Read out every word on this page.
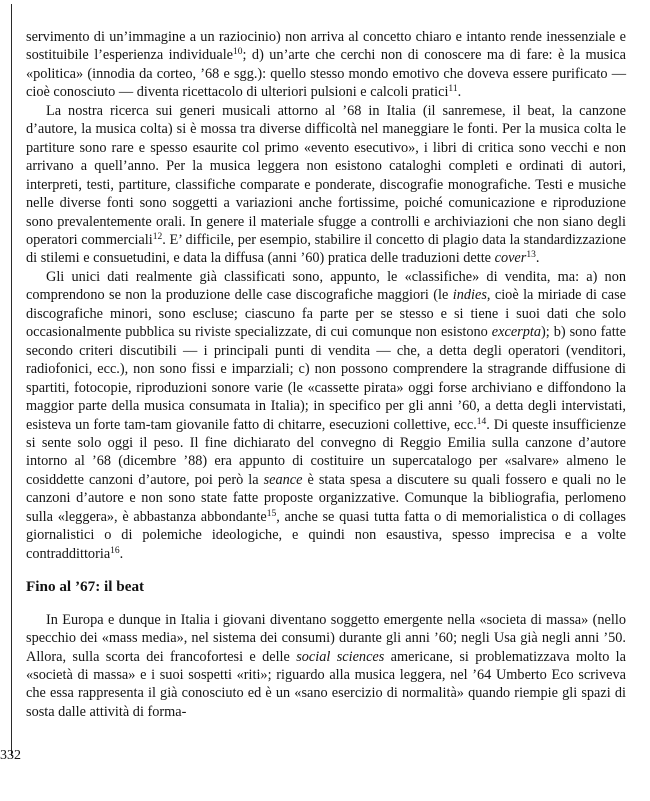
servimento di un’immagine a un raziocinio) non arriva al concetto chiaro e intanto rende inessenziale e sostituibile l’esperienza individuale$^{10}$; d) un’arte che cerchi non di conoscere ma di fare: è la musica «politica» (innodia da corteo, ’68 e sgg.): quello stesso mondo emotivo che doveva essere purificato — cioè conosciuto — diventa ricettacolo di ulteriori pulsioni e calcoli pratici$^{11}$.

La nostra ricerca sui generi musicali attorno al ’68 in Italia (il sanremese, il beat, la canzone d’autore, la musica colta) si è mossa tra diverse difficoltà nel maneggiare le fonti. Per la musica colta le partiture sono rare e spesso esaurite col primo «evento esecutivo», i libri di critica sono vecchi e non arrivano a quell’anno. Per la musica leggera non esistono cataloghi completi e ordinati di autori, interpreti, testi, partiture, classifiche comparate e ponderate, discografie monografiche. Testi e musiche nelle diverse fonti sono soggetti a variazioni anche fortissime, poiché comunicazione e riproduzione sono prevalentemente orali. In genere il materiale sfugge a controlli e archiviazioni che non siano degli operatori commerciali$^{12}$. E’ difficile, per esempio, stabilire il concetto di plagio data la standardizzazione di stilemi e consuetudini, e data la diffusa (anni ’60) pratica delle traduzioni dette cover$^{13}$.

Gli unici dati realmente già classificati sono, appunto, le «classifiche» di vendita, ma: a) non comprendono se non la produzione delle case discografiche maggiori (le indies, cioè la miriade di case discografiche minori, sono escluse; ciascuno fa parte per se stesso e si tiene i suoi dati che solo occasionalmente pubblica su riviste specializzate, di cui comunque non esistono excerpta); b) sono fatte secondo criteri discutibili — i principali punti di vendita — che, a detta degli operatori (venditori, radiofonici, ecc.), non sono fissi e imparziali; c) non possono comprendere la stragrande diffusione di spartiti, fotocopie, riproduzioni sonore varie (le «cassette pirata» oggi forse archiviano e diffondono la maggior parte della musica consumata in Italia); in specifico per gli anni ’60, a detta degli intervistati, esisteva un forte tam-tam giovanile fatto di chitarre, esecuzioni collettive, ecc.$^{14}$. Di queste insufficienze si sente solo oggi il peso. Il fine dichiarato del convegno di Reggio Emilia sulla canzone d’autore intorno al ’68 (dicembre ’88) era appunto di costituire un supercatalogo per «salvare» almeno le cosiddette canzoni d’autore, poi però la seance è stata spesa a discutere su quali fossero e quali no le canzoni d’autore e non sono state fatte proposte organizzative. Comunque la bibliografia, perlomeno sulla «leggera», è abbastanza abbondante$^{15}$, anche se quasi tutta fatta o di memorialistica o di collages giornalistici o di polemiche ideologiche, e quindi non esaustiva, spesso imprecisa e a volte contraddittoria$^{16}$.

Fino al ’67: il beat

In Europa e dunque in Italia i giovani diventano soggetto emergente nella «societa di massa» (nello specchio dei «mass media», nel sistema dei consumi) durante gli anni ’60; negli Usa già negli anni ’50. Allora, sulla scorta dei francofortesi e delle social sciences americane, si problematizzava molto la «società di massa» e i suoi sospetti «riti»; riguardo alla musica leggera, nel ’64 Umberto Eco scriveva che essa rappresenta il già conosciuto ed è un «sano esercizio di normalità» quando riempie gli spazi di sosta dalle attività di forma-

332
